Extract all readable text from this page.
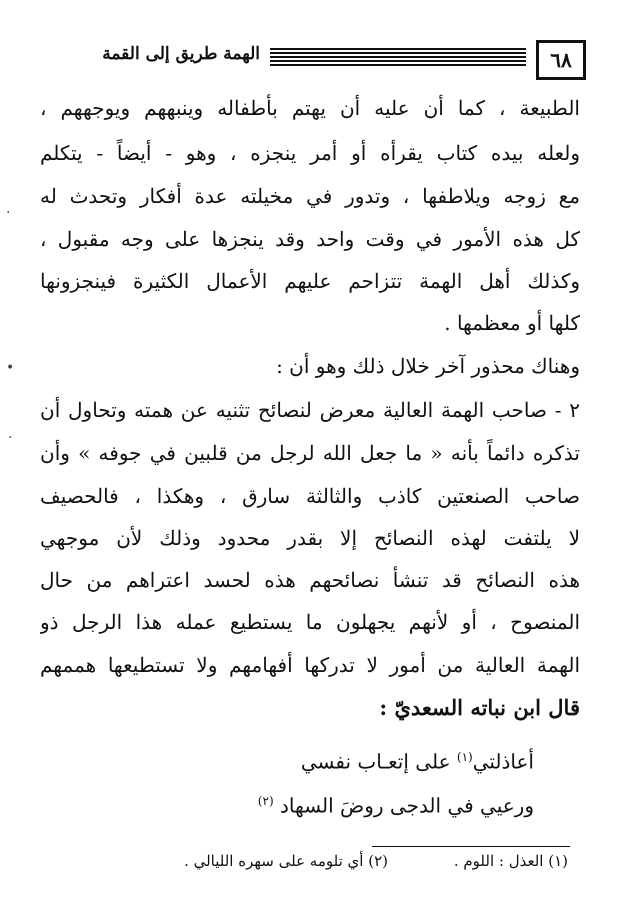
٦٨
الهمة طريق إلى القمة
الطبيعة ، كما أن عليه أن يهتم بأطفاله وينبههم ويوجههم ،
ولعله بيده كتاب يقرأه أو أمر ينجزه ، وهو - أيضاً - يتكلم
مع زوجه ويلاطفها ، وتدور في مخيلته عدة أفكار وتحدث له
كل هذه الأمور في وقت واحد وقد ينجزها على وجه مقبول ،
وكذلك أهل الهمة تتزاحم عليهم الأعمال الكثيرة فينجزونها
كلها أو معظمها .
وهناك محذور آخر خلال ذلك وهو أن :
٢ - صاحب الهمة العالية معرض لنصائح تثنيه عن همته وتحاول أن
تذكره دائماً بأنه « ما جعل الله لرجل من قلبين في جوفه » وأن
صاحب الصنعتين كاذب والثالثة سارق ، وهكذا ، فالحصيف
لا يلتفت لهذه النصائح إلا بقدر محدود وذلك لأن موجهي
هذه النصائح قد تنشأ نصائحهم هذه لحسد اعتراهم من حال
المنصوح ، أو لأنهم يجهلون ما يستطيع عمله هذا الرجل ذو
الهمة العالية من أمور لا تدركها أفهامهم ولا تستطيعها هممهم
قال ابن نباته السعديّ :
أعاذلتي$^{(١)}$ على إتعـاب نفسي
ورعيي في الدجى روضَ السهاد $^{(٢)}$
(١) العذل : اللوم .
(٢) أي تلومه على سهره الليالي .
·
•
·
